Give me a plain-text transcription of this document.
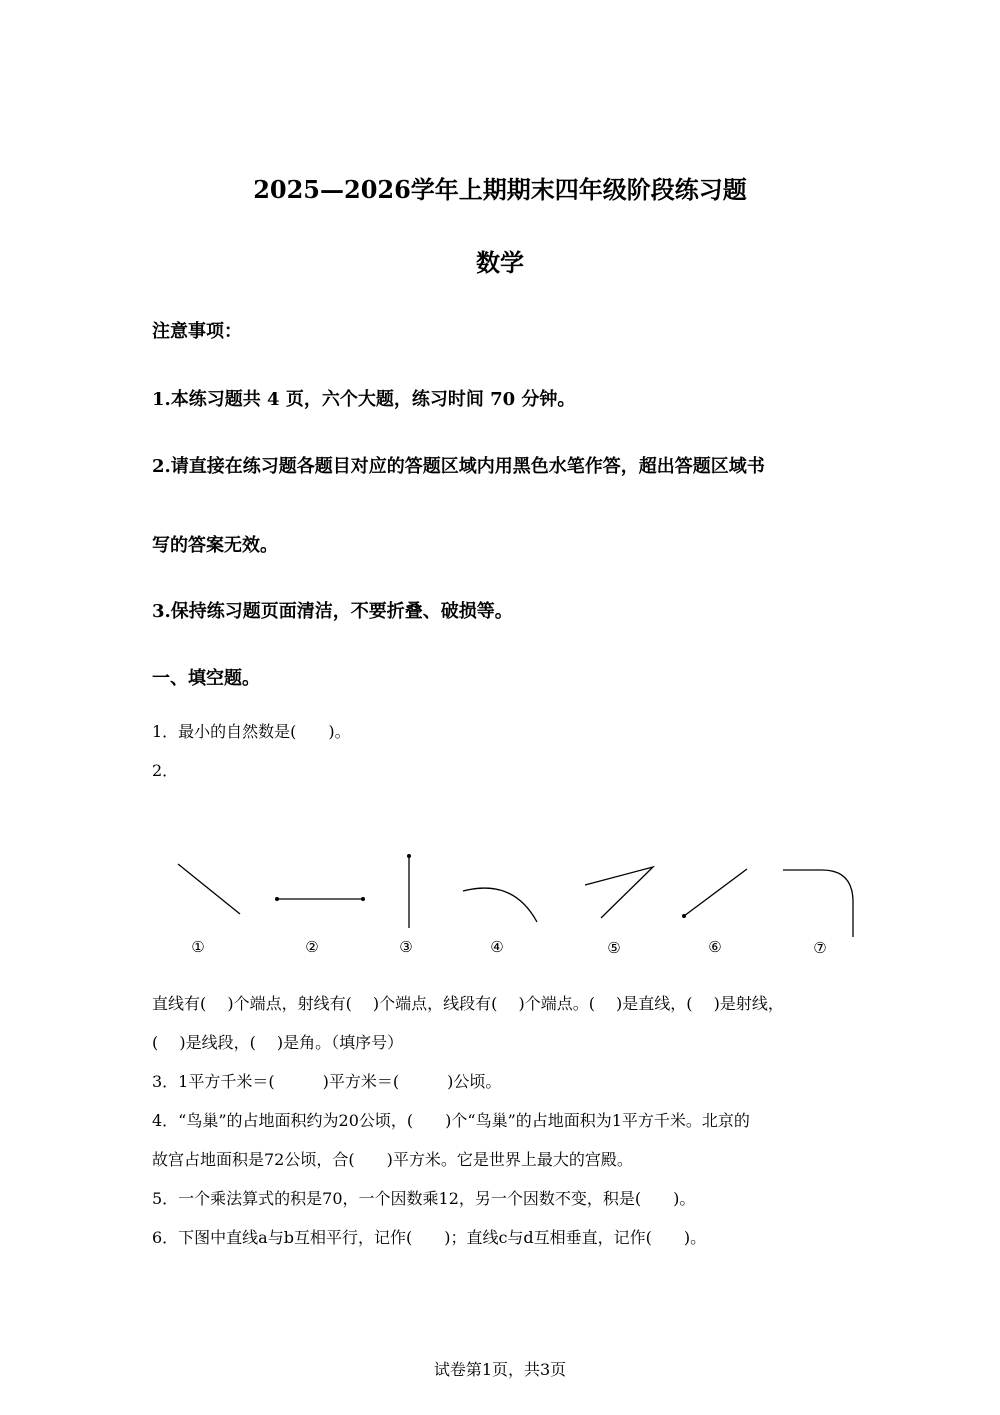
2025—2026学年上期期末四年级阶段练习题
数学
注意事项：
1.本练习题共 4 页，六个大题，练习时间 70 分钟。
2.请直接在练习题各题目对应的答题区域内用黑色水笔作答，超出答题区域书
写的答案无效。
3.保持练习题页面清洁，不要折叠、破损等。
一、填空题。
1．最小的自然数是(　　)。
2．
①	②	③	④	⑤	⑥	⑦
直线有(　 )个端点，射线有(　 )个端点，线段有(　 )个端点。(　 )是直线，(　 )是射线，
(　 )是线段，(　 )是角。（填序号）
3．1平方千米＝(　　　)平方米＝(　　　)公顷。
4．“鸟巢”的占地面积约为20公顷，(　　)个“鸟巢”的占地面积为1平方千米。北京的
故宫占地面积是72公顷，合(　　)平方米。它是世界上最大的宫殿。
5．一个乘法算式的积是70，一个因数乘12，另一个因数不变，积是(　　)。
6．下图中直线a与b互相平行，记作(　　)；直线c与d互相垂直，记作(　　)。
试卷第1页，共3页
